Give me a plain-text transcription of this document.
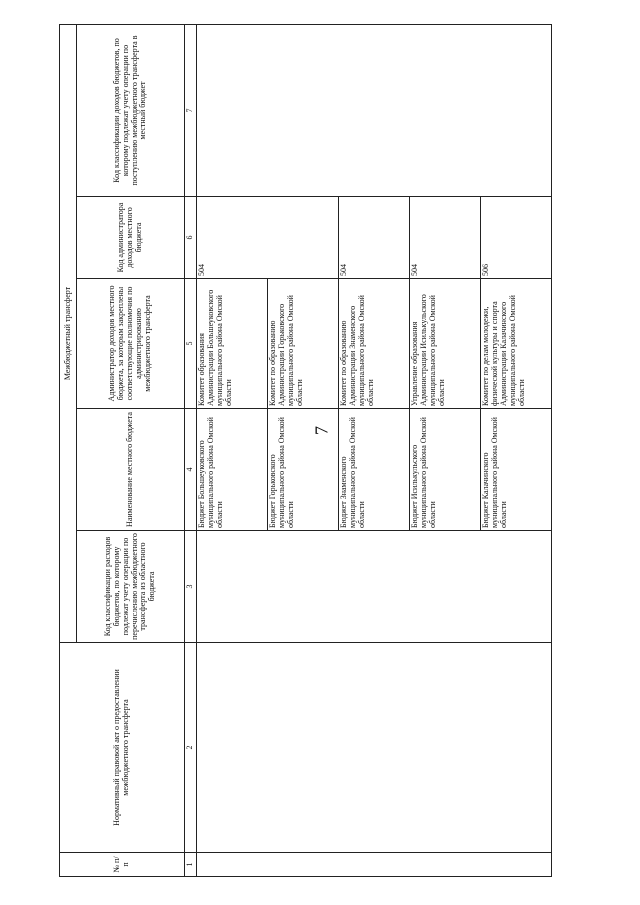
7
№ п/п	Нормативный правовой акт о предоставлении межбюджетного трансферта	Межбюджетный трансферт				
		Код классификации расходов бюджетов, по которому подлежат учету операции по перечислению межбюджетного трансферта из областного бюджета	Наименование местного бюджета	Администратор доходов местного бюджета, за которым закреплены соответствующие полномочия по администрированию межбюджетного трансферта	Код администратора доходов местного бюджета	Код классификации доходов бюджетов, по которому подлежат учету операции по поступлению межбюджетного трансферта в местный бюджет
1	2	3	4	5	6	7
			Бюджет Большеуковского муниципального района Омской области	Комитет образования Администрации Большеуковского муниципального района Омской области	504	
			Бюджет Горьковского муниципального района Омской области	Комитет по образованию Администрации Горьковского муниципального района Омской области		
			Бюджет Знаменского муниципального района Омской области	Комитет по образованию Администрации Знаменского муниципального района Омской области	504	
			Бюджет Исилькульского муниципального района Омской области	Управление образования Администрации Исилькульского муниципального района Омской области	504	
			Бюджет Калачинского муниципального района Омской области	Комитет по делам молодежи, физической культуры и спорта Администрации Калачинского муниципального района Омской области	506	
